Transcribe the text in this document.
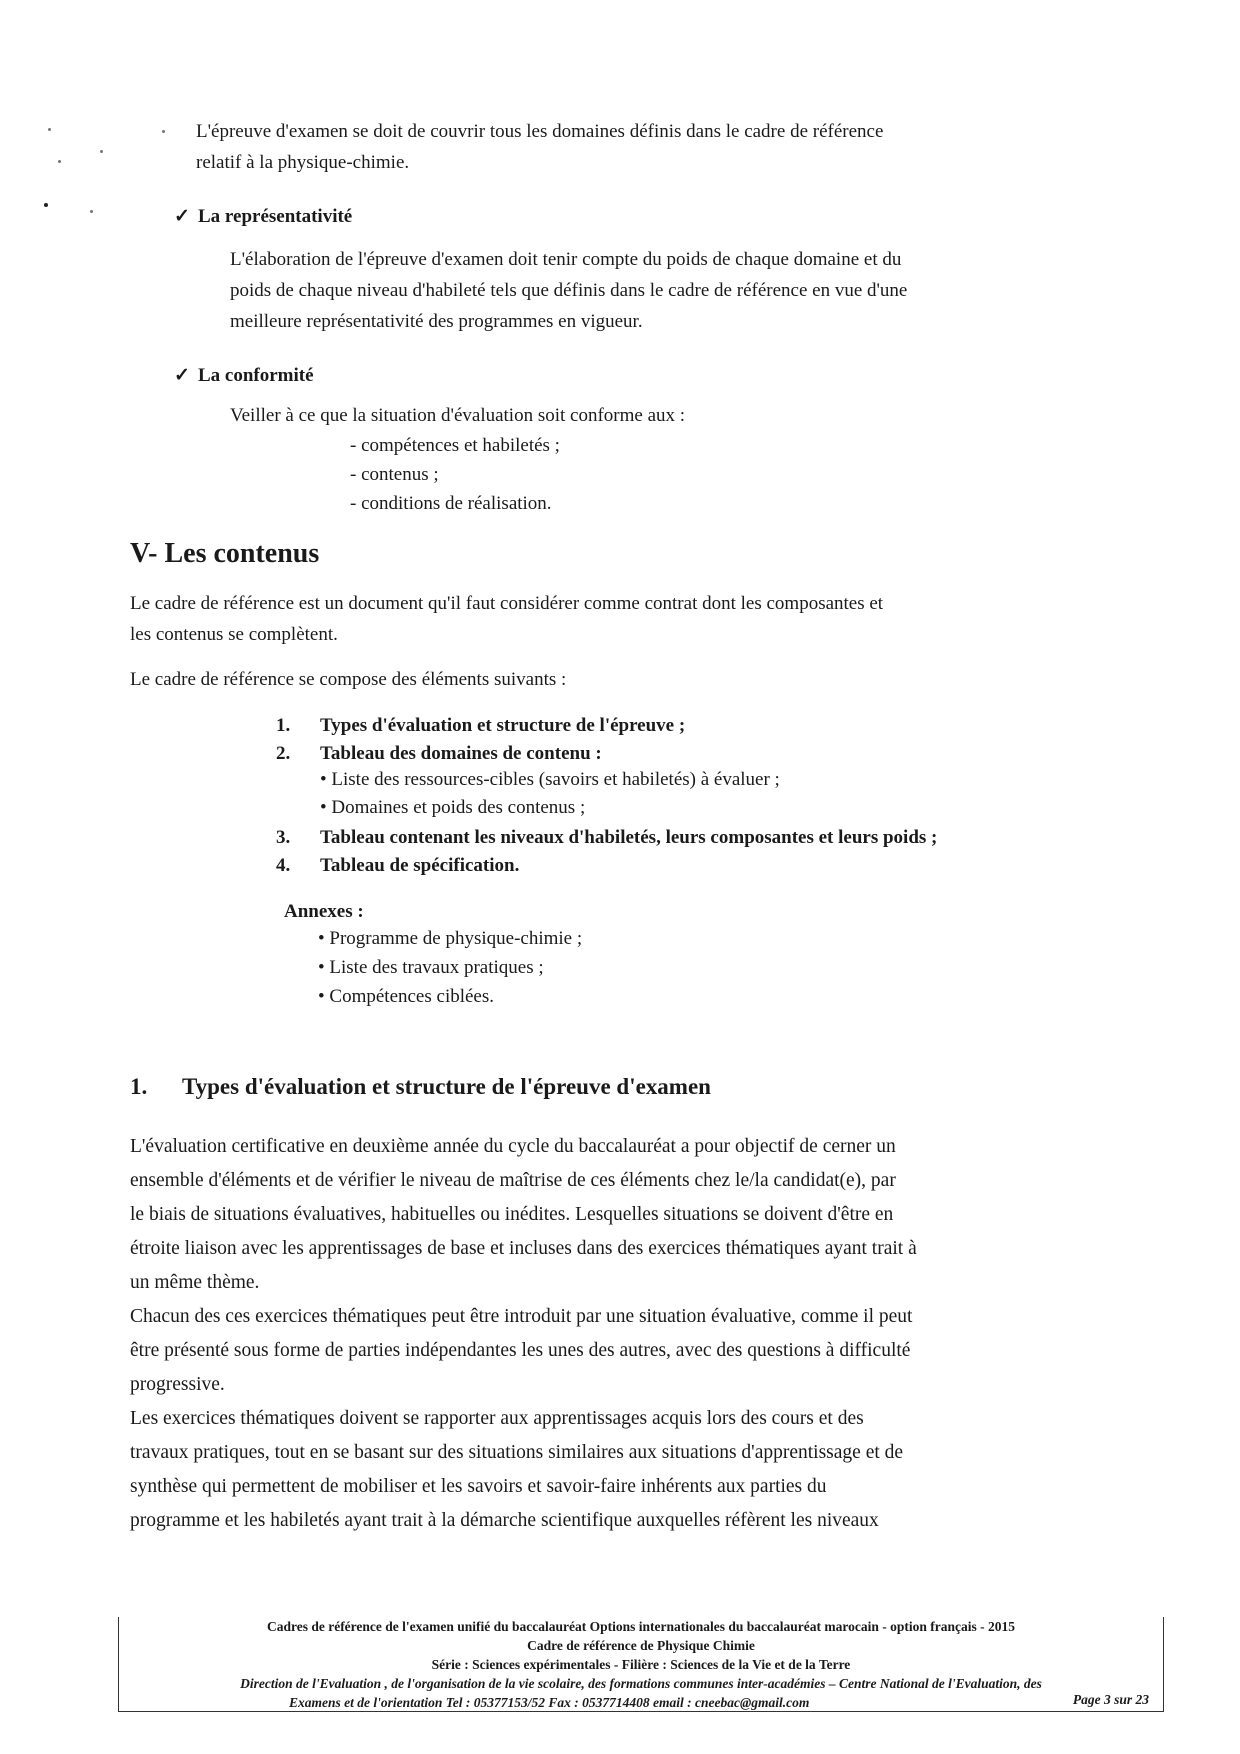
L'épreuve d'examen se doit de couvrir tous les domaines définis dans le cadre de référence
relatif à la physique-chimie.
✓ La représentativité
L'élaboration de l'épreuve d'examen doit tenir compte du poids de chaque domaine et du
poids de chaque niveau d'habileté tels que définis dans le cadre de référence en vue d'une
meilleure représentativité des programmes en vigueur.
✓ La conformité
Veiller à ce que la situation d'évaluation soit conforme aux :
- compétences et habiletés ;
- contenus ;
- conditions de réalisation.
V- Les contenus
Le cadre de référence est un document qu'il faut considérer comme contrat dont les composantes et
les contenus se complètent.
Le cadre de référence se compose des éléments suivants :
1. Types d'évaluation et structure de l'épreuve ;
2. Tableau des domaines de contenu :
• Liste des ressources-cibles (savoirs et habiletés) à évaluer ;
• Domaines et poids des contenus ;
3. Tableau contenant les niveaux d'habiletés, leurs composantes et leurs poids ;
4. Tableau de spécification.
Annexes :
• Programme de physique-chimie ;
• Liste des travaux pratiques ;
• Compétences ciblées.
1. Types d'évaluation et structure de l'épreuve d'examen
L'évaluation certificative en deuxième année du cycle du baccalauréat a pour objectif de cerner un
ensemble d'éléments et de vérifier le niveau de maîtrise de ces éléments chez le/la candidat(e), par
le biais de situations évaluatives, habituelles ou inédites. Lesquelles situations se doivent d'être en
étroite liaison avec les apprentissages de base et incluses dans des exercices thématiques ayant trait à
un même thème.
Chacun des ces exercices thématiques peut être introduit par une situation évaluative, comme il peut
être présenté sous forme de parties indépendantes les unes des autres, avec des questions à difficulté
progressive.
Les exercices thématiques doivent se rapporter aux apprentissages acquis lors des cours et des
travaux pratiques, tout en se basant sur des situations similaires aux situations d'apprentissage et de
synthèse qui permettent de mobiliser et les savoirs et savoir-faire inhérents aux parties du
programme et les habiletés ayant trait à la démarche scientifique auxquelles réfèrent les niveaux
Cadres de référence de l'examen unifié du baccalauréat Options internationales du baccalauréat marocain - option français - 2015
Cadre de référence de Physique Chimie
Série : Sciences expérimentales - Filière : Sciences de la Vie et de la Terre
Direction de l'Evaluation , de l'organisation de la vie scolaire, des formations communes inter-académies – Centre National de l'Evaluation, des
Examens et de l'orientation Tel : 05377153/52 Fax : 0537714408 email : cneebac@gmail.com	Page 3 sur 23
